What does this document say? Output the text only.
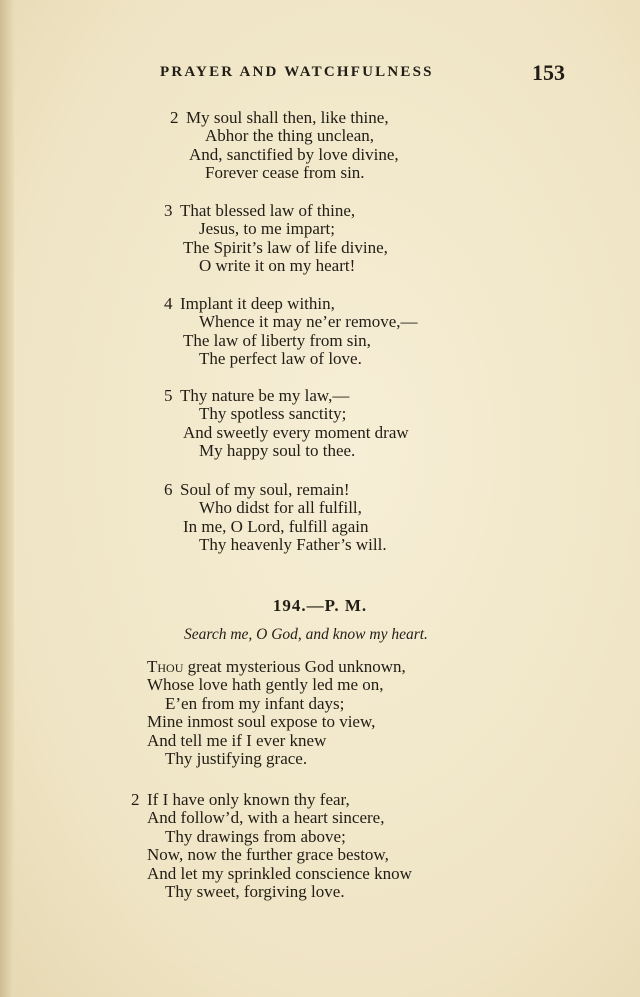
PRAYER AND WATCHFULNESS	153
2 My soul shall then, like thine,
Abhor the thing unclean,
And, sanctified by love divine,
Forever cease from sin.
3 That blessed law of thine,
Jesus, to me impart;
The Spirit’s law of life divine,
O write it on my heart!
4 Implant it deep within,
Whence it may ne’er remove,—
The law of liberty from sin,
The perfect law of love.
5 Thy nature be my law,—
Thy spotless sanctity;
And sweetly every moment draw
My happy soul to thee.
6 Soul of my soul, remain!
Who didst for all fulfill,
In me, O Lord, fulfill again
Thy heavenly Father’s will.
194.—P. M.
Search me, O God, and know my heart.
Thou great mysterious God unknown,
Whose love hath gently led me on,
E’en from my infant days;
Mine inmost soul expose to view,
And tell me if I ever knew
Thy justifying grace.
2 If I have only known thy fear,
And follow’d, with a heart sincere,
Thy drawings from above;
Now, now the further grace bestow,
And let my sprinkled conscience know
Thy sweet, forgiving love.
